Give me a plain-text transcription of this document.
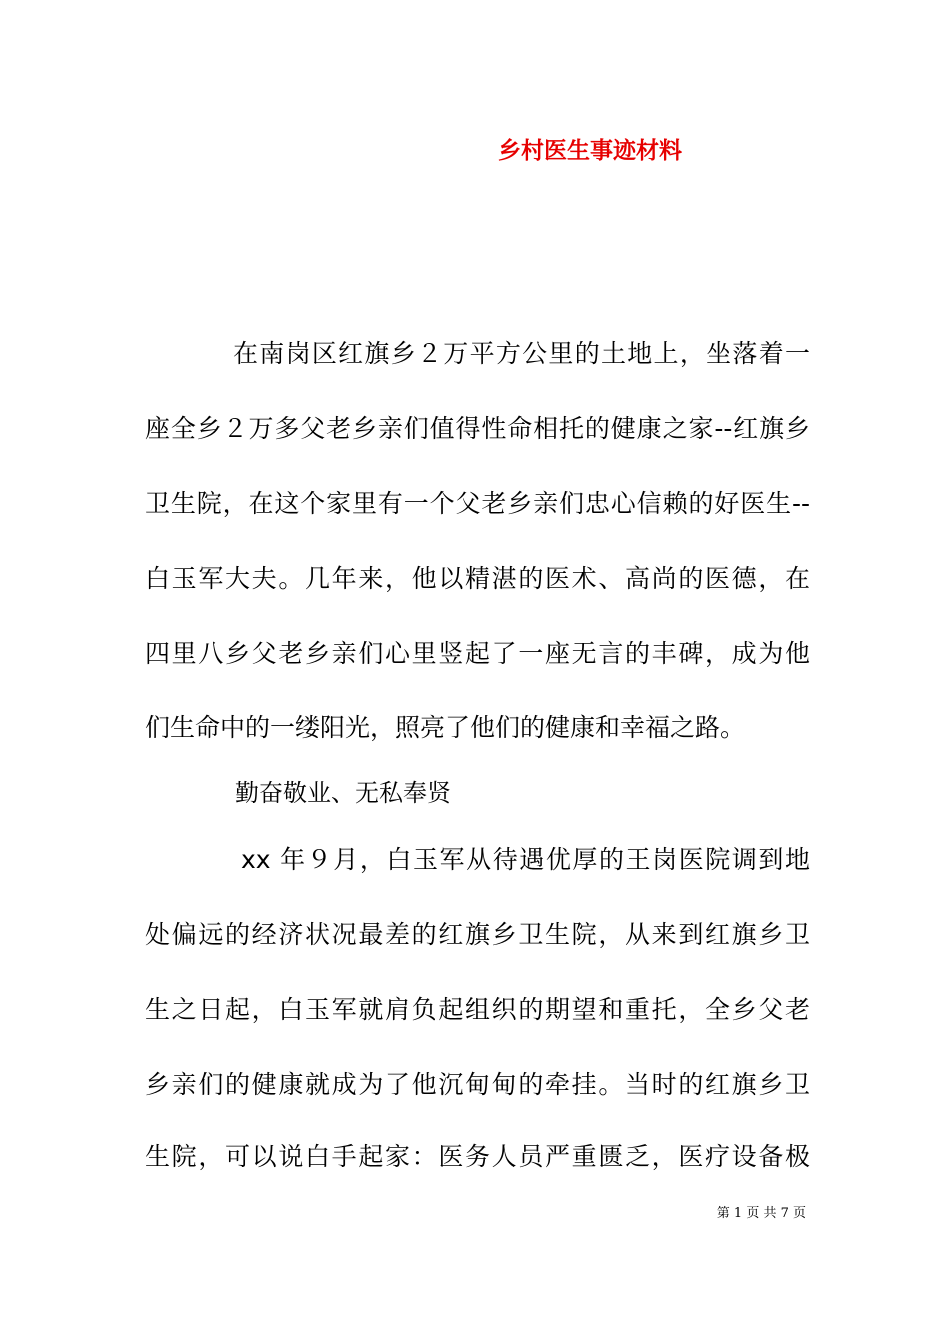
乡村医生事迹材料
在南岗区红旗乡２万平方公里的土地上，坐落着一
座全乡２万多父老乡亲们值得性命相托的健康之家--红旗乡
卫生院，在这个家里有一个父老乡亲们忠心信赖的好医生--
白玉军大夫。几年来，他以精湛的医术、高尚的医德，在
四里八乡父老乡亲们心里竖起了一座无言的丰碑，成为他
们生命中的一缕阳光，照亮了他们的健康和幸福之路。
勤奋敬业、无私奉贤
xx 年９月，白玉军从待遇优厚的王岗医院调到地
处偏远的经济状况最差的红旗乡卫生院，从来到红旗乡卫
生之日起，白玉军就肩负起组织的期望和重托，全乡父老
乡亲们的健康就成为了他沉甸甸的牵挂。当时的红旗乡卫
生院，可以说白手起家：医务人员严重匮乏，医疗设备极
第 1 页 共 7 页
